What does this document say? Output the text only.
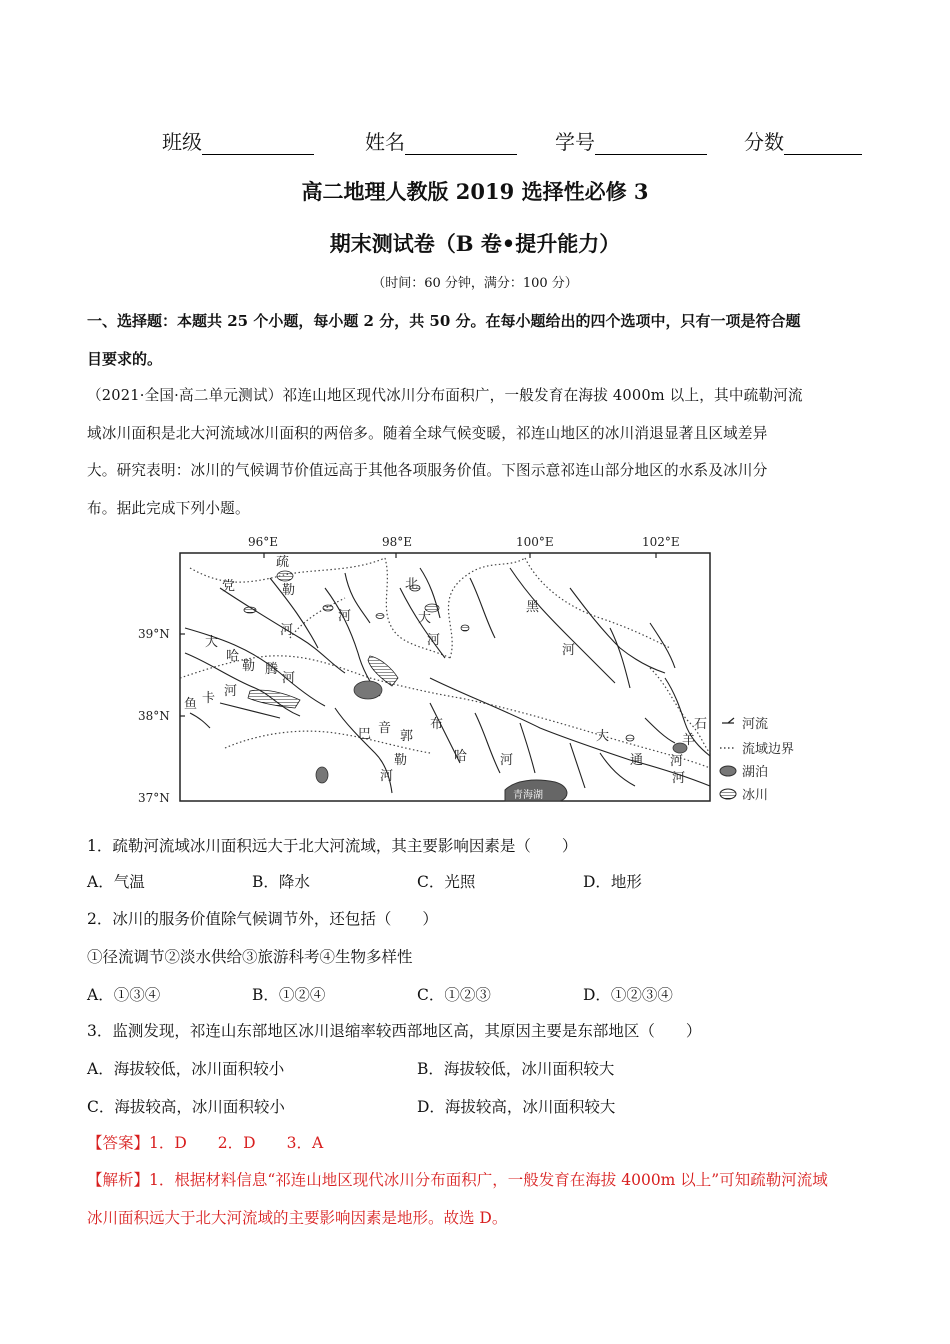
班级	姓名	学号	分数
高二地理人教版 2019 选择性必修 3
期末测试卷（B 卷•提升能力）
（时间：60 分钟，满分：100 分）
一、选择题：本题共 25 个小题，每小题 2 分，共 50 分。在每小题给出的四个选项中，只有一项是符合题
目要求的。
（2021·全国·高二单元测试）祁连山地区现代冰川分布面积广，一般发育在海拔 4000m 以上，其中疏勒河流
域冰川面积是北大河流域冰川面积的两倍多。随着全球气候变暖，祁连山地区的冰川消退显著且区域差异
大。研究表明：冰川的气候调节价值远高于其他各项服务价值。下图示意祁连山部分地区的水系及冰川分
布。据此完成下列小题。
96°E	98°E	100°E	102°E
39°N
38°N
37°N
疏
勒
河
党
河
大
哈
勒 腾
河
鱼 卡 河
北
大
河
黑
河
巴 音
郭
勒
河
布
哈	河
大
通
河
石
羊
河
青海湖
河流
流域边界
湖泊
冰川
1．疏勒河流域冰川面积远大于北大河流域，其主要影响因素是（　　）
A．气温	B．降水	C．光照	D．地形
2．冰川的服务价值除气候调节外，还包括（　　）
①径流调节②淡水供给③旅游科考④生物多样性
A．①③④	B．①②④	C．①②③	D．①②③④
3．监测发现，祁连山东部地区冰川退缩率较西部地区高，其原因主要是东部地区（　　）
A．海拔较低，冰川面积较小	B．海拔较低，冰川面积较大
C．海拔较高，冰川面积较小	D．海拔较高，冰川面积较大
【答案】1．D　　2．D　　3．A
【解析】1．根据材料信息“祁连山地区现代冰川分布面积广，一般发育在海拔 4000m 以上”可知疏勒河流域
冰川面积远大于北大河流域的主要影响因素是地形。故选 D。
